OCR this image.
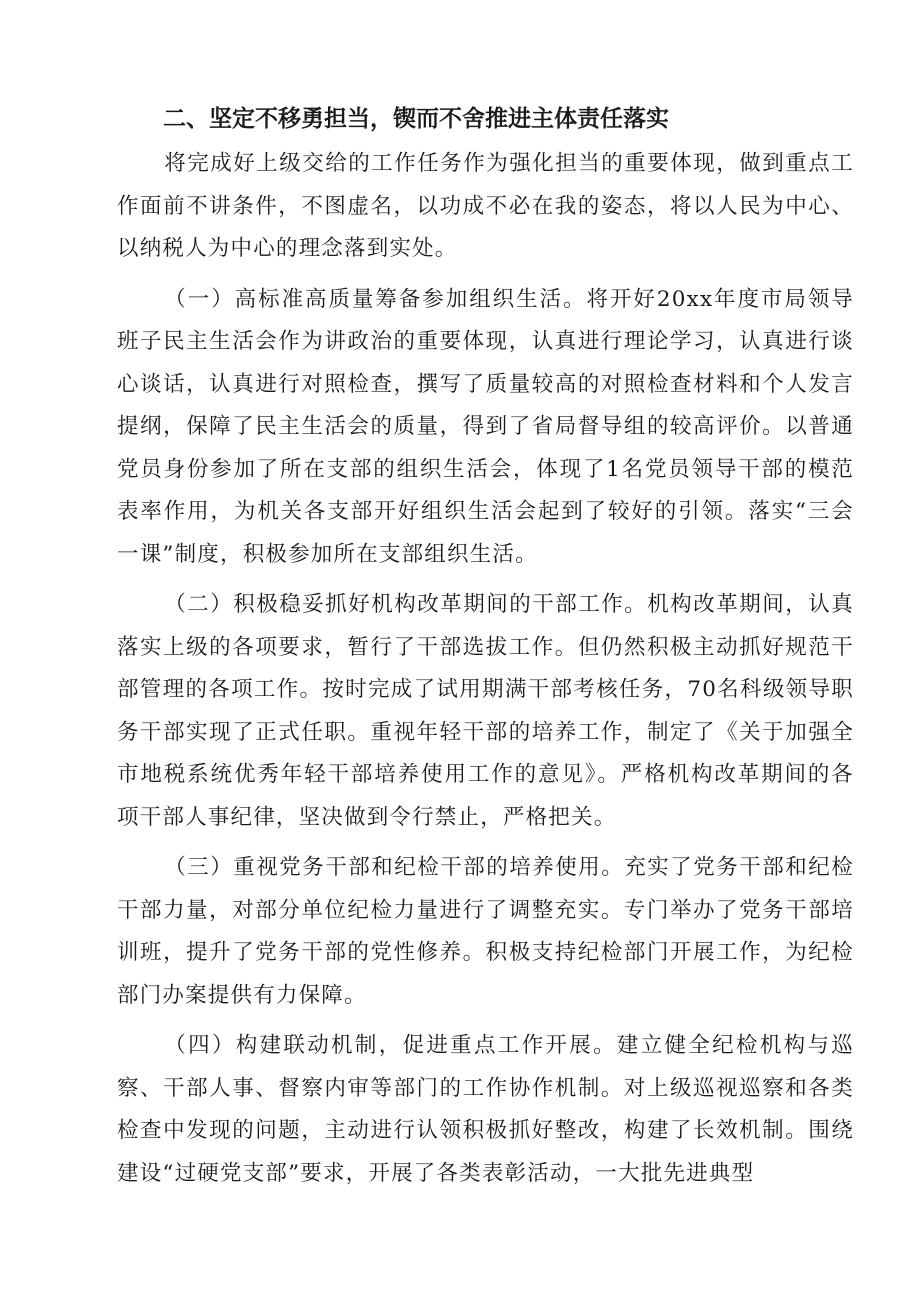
二、坚定不移勇担当，锲而不舍推进主体责任落实

将完成好上级交给的工作任务作为强化担当的重要体现，做到重点工作面前不讲条件，不图虚名，以功成不必在我的姿态，将以人民为中心、以纳税人为中心的理念落到实处。

（一）高标准高质量筹备参加组织生活。将开好20xx年度市局领导班子民主生活会作为讲政治的重要体现，认真进行理论学习，认真进行谈心谈话，认真进行对照检查，撰写了质量较高的对照检查材料和个人发言提纲，保障了民主生活会的质量，得到了省局督导组的较高评价。以普通党员身份参加了所在支部的组织生活会，体现了1名党员领导干部的模范表率作用，为机关各支部开好组织生活会起到了较好的引领。落实“三会一课”制度，积极参加所在支部组织生活。

（二）积极稳妥抓好机构改革期间的干部工作。机构改革期间，认真落实上级的各项要求，暂行了干部选拔工作。但仍然积极主动抓好规范干部管理的各项工作。按时完成了试用期满干部考核任务，70名科级领导职务干部实现了正式任职。重视年轻干部的培养工作，制定了《关于加强全市地税系统优秀年轻干部培养使用工作的意见》。严格机构改革期间的各项干部人事纪律，坚决做到令行禁止，严格把关。

（三）重视党务干部和纪检干部的培养使用。充实了党务干部和纪检干部力量，对部分单位纪检力量进行了调整充实。专门举办了党务干部培训班，提升了党务干部的党性修养。积极支持纪检部门开展工作，为纪检部门办案提供有力保障。

（四）构建联动机制，促进重点工作开展。建立健全纪检机构与巡察、干部人事、督察内审等部门的工作协作机制。对上级巡视巡察和各类检查中发现的问题，主动进行认领积极抓好整改，构建了长效机制。围绕建设“过硬党支部”要求，开展了各类表彰活动，一大批先进典型
